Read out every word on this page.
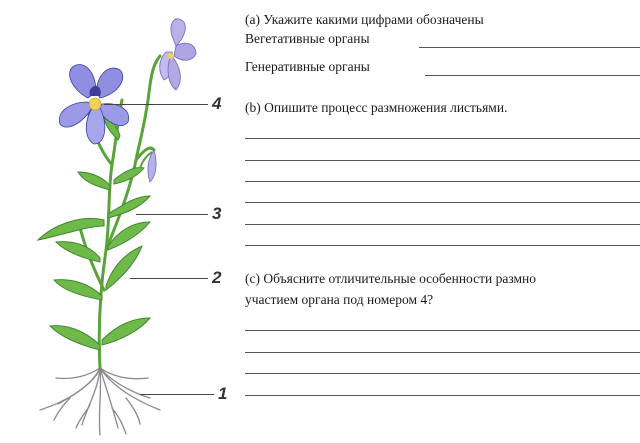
4
3
2
1
(а) Укажите какими цифрами обозначены
Вегетативные органы
Генеративные органы
(b) Опишите процесс размножения листьями.
(c) Объясните отличительные особенности размно
участием органа под номером 4?
